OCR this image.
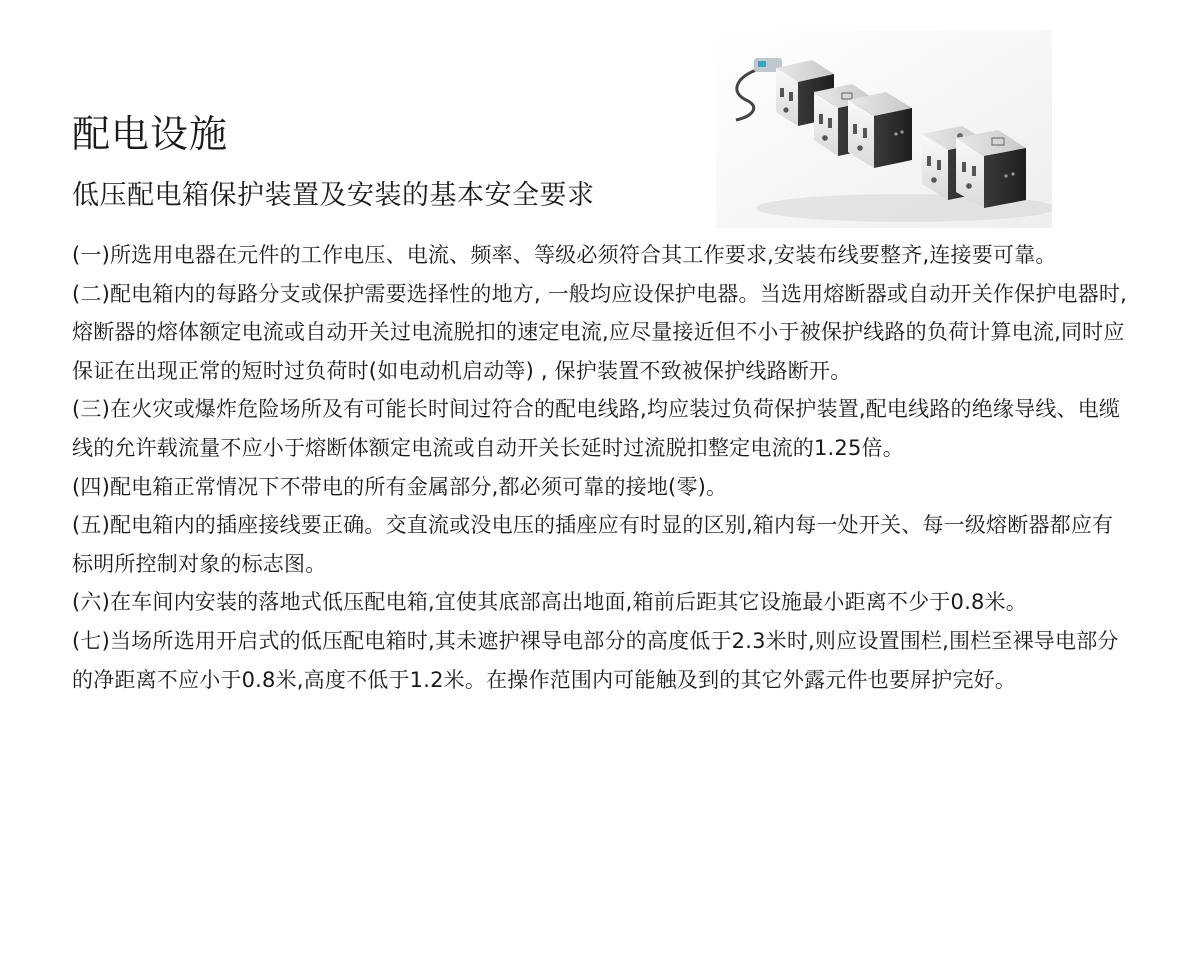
配电设施
低压配电箱保护装置及安装的基本安全要求

(一)所选用电器在元件的工作电压、电流、频率、等级必须符合其工作要求,安装布线要整齐,连接要可靠。

(二)配电箱内的每路分支或保护需要选择性的地方, 一般均应设保护电器。当选用熔断器或自动开关作保护电器时,熔断器的熔体额定电流或自动开关过电流脱扣的速定电流,应尽量接近但不小于被保护线路的负荷计算电流,同时应保证在出现正常的短时过负荷时(如电动机启动等) , 保护装置不致被保护线路断开。

(三)在火灾或爆炸危险场所及有可能长时间过符合的配电线路,均应装过负荷保护装置,配电线路的绝缘导线、电缆线的允许载流量不应小于熔断体额定电流或自动开关长延时过流脱扣整定电流的1.25倍。

(四)配电箱正常情况下不带电的所有金属部分,都必须可靠的接地(零)。

(五)配电箱内的插座接线要正确。交直流或没电压的插座应有时显的区别,箱内每一处开关、每一级熔断器都应有标明所控制对象的标志图。

(六)在车间内安装的落地式低压配电箱,宜使其底部高出地面,箱前后距其它设施最小距离不少于0.8米。

(七)当场所选用开启式的低压配电箱时,其未遮护裸导电部分的高度低于2.3米时,则应设置围栏,围栏至裸导电部分的净距离不应小于0.8米,高度不低于1.2米。在操作范围内可能触及到的其它外露元件也要屏护完好。
